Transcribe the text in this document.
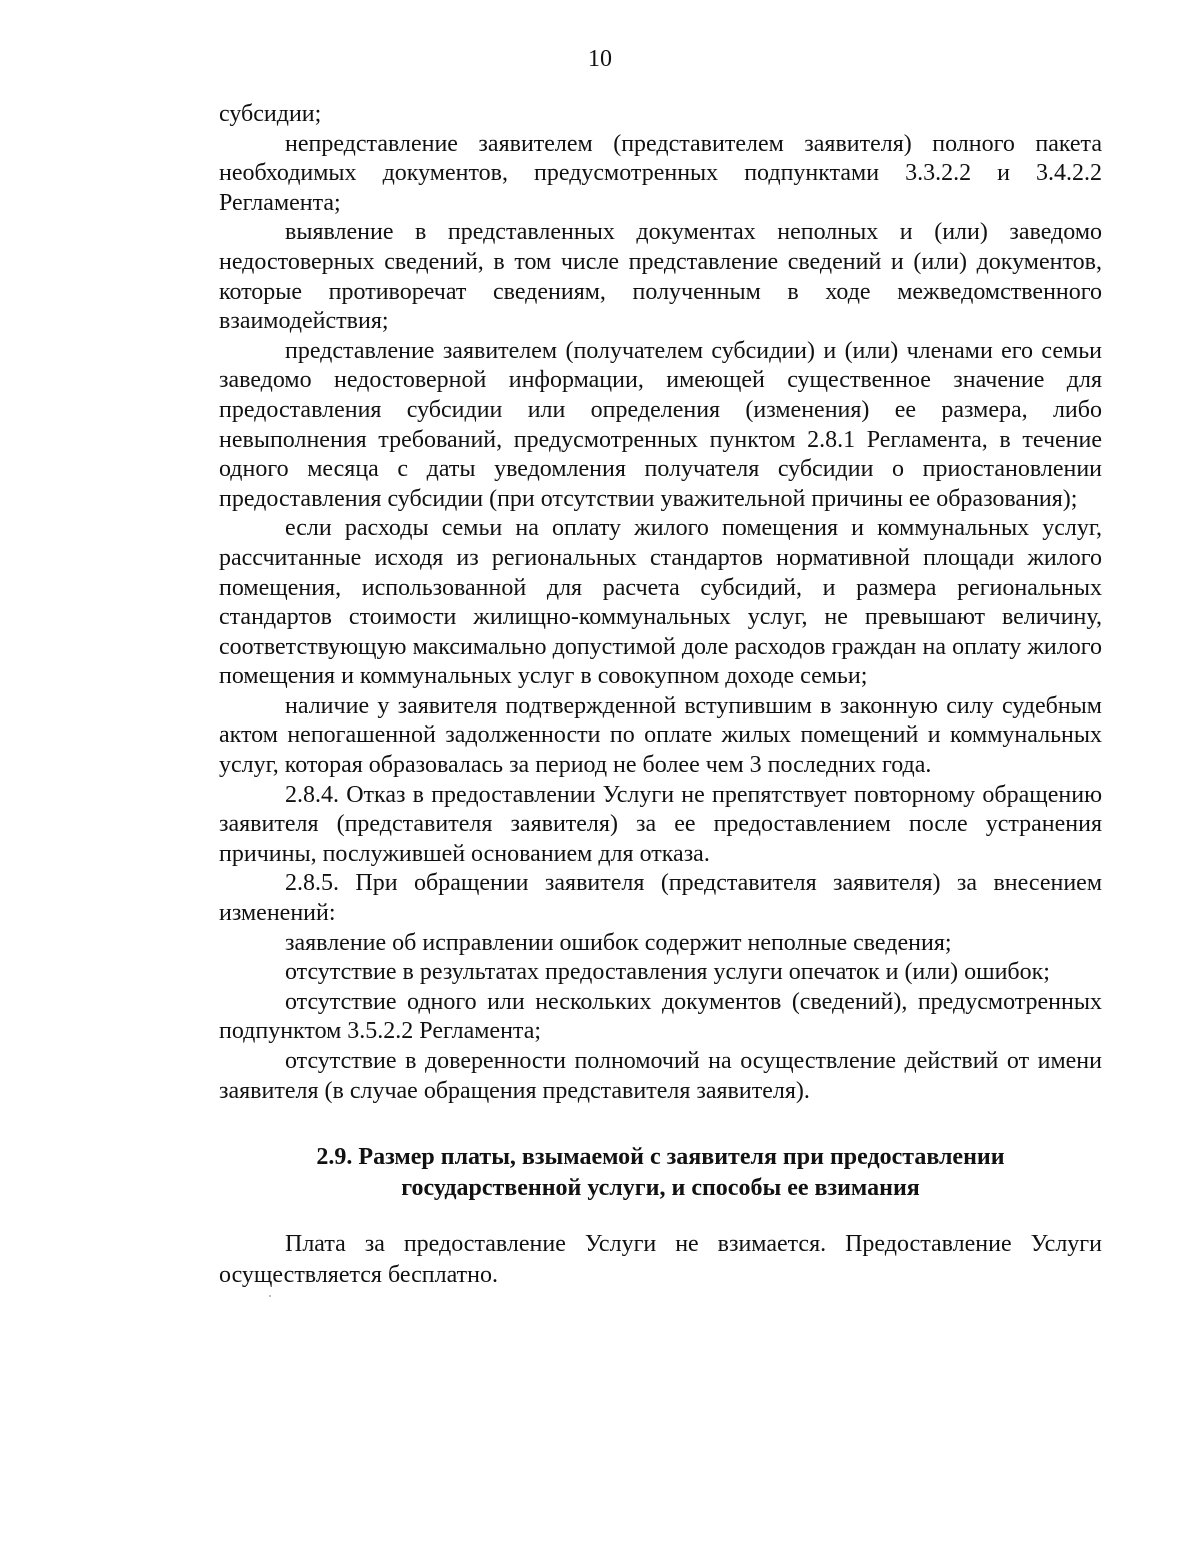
10

субсидии;

непредставление заявителем (представителем заявителя) полного пакета необходимых документов, предусмотренных подпунктами 3.3.2.2 и 3.4.2.2 Регламента;

выявление в представленных документах неполных и (или) заведомо недостоверных сведений, в том числе представление сведений и (или) документов, которые противоречат сведениям, полученным в ходе межведомственного взаимодействия;

представление заявителем (получателем субсидии) и (или) членами его семьи заведомо недостоверной информации, имеющей существенное значение для предоставления субсидии или определения (изменения) ее размера, либо невыполнения требований, предусмотренных пунктом 2.8.1 Регламента, в течение одного месяца с даты уведомления получателя субсидии о приостановлении предоставления субсидии (при отсутствии уважительной причины ее образования);

если расходы семьи на оплату жилого помещения и коммунальных услуг, рассчитанные исходя из региональных стандартов нормативной площади жилого помещения, использованной для расчета субсидий, и размера региональных стандартов стоимости жилищно-коммунальных услуг, не превышают величину, соответствующую максимально допустимой доле расходов граждан на оплату жилого помещения и коммунальных услуг в совокупном доходе семьи;

наличие у заявителя подтвержденной вступившим в законную силу судебным актом непогашенной задолженности по оплате жилых помещений и коммунальных услуг, которая образовалась за период не более чем 3 последних года.

2.8.4. Отказ в предоставлении Услуги не препятствует повторному обращению заявителя (представителя заявителя) за ее предоставлением после устранения причины, послужившей основанием для отказа.

2.8.5. При обращении заявителя (представителя заявителя) за внесением изменений:

заявление об исправлении ошибок содержит неполные сведения;

отсутствие в результатах предоставления услуги опечаток и (или) ошибок;

отсутствие одного или нескольких документов (сведений), предусмотренных подпунктом 3.5.2.2 Регламента;

отсутствие в доверенности полномочий на осуществление действий от имени заявителя (в случае обращения представителя заявителя).

2.9. Размер платы, взымаемой с заявителя при предоставлении
государственной услуги, и способы ее взимания
Плата за предоставление Услуги не взимается. Предоставление Услуги осуществляется бесплатно.
